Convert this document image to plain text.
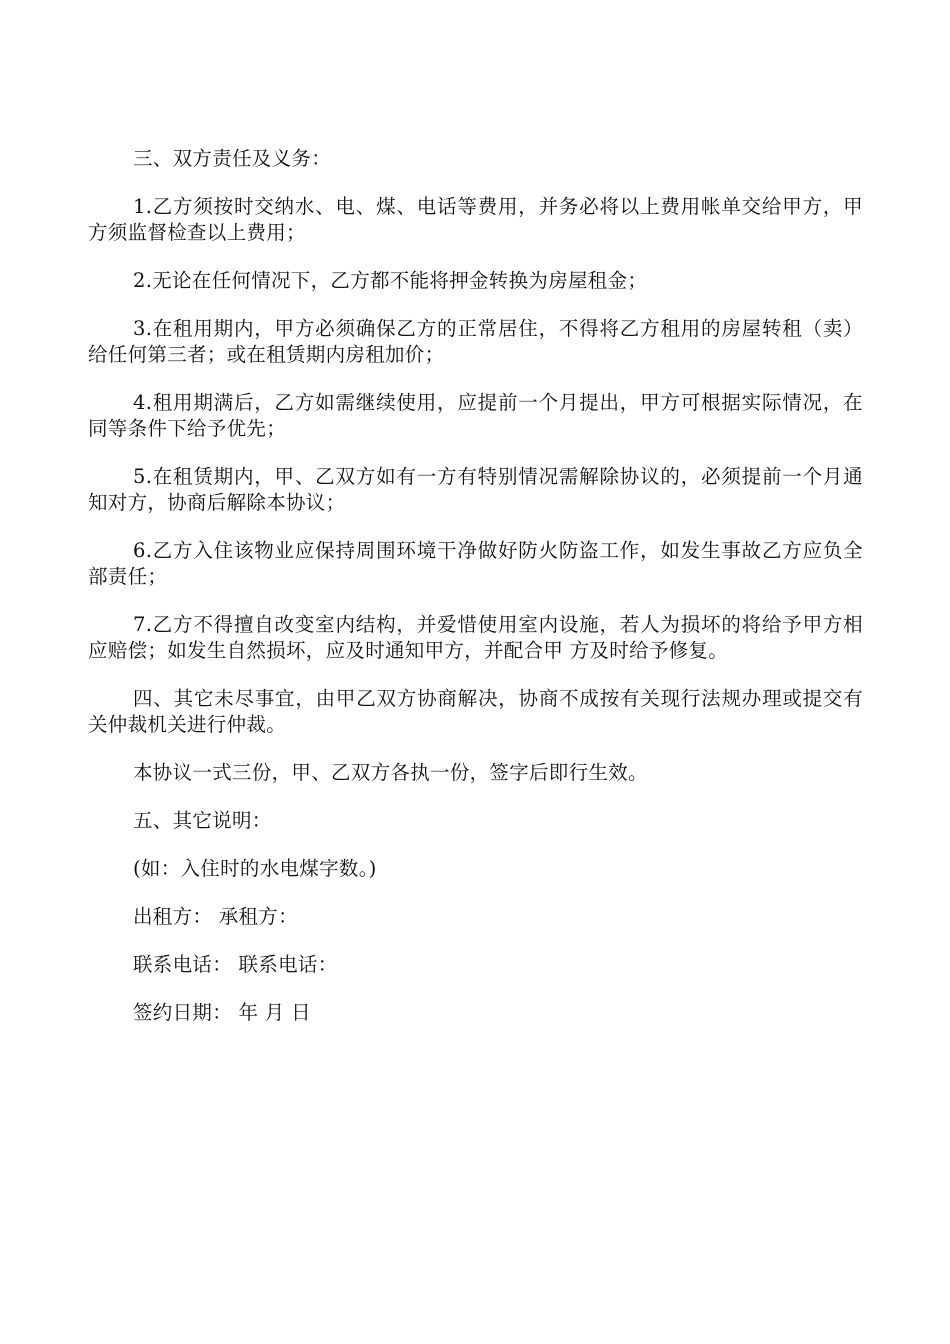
三、双方责任及义务：

1.乙方须按时交纳水、电、煤、电话等费用，并务必将以上费用帐单交给甲方，甲方须监督检查以上费用；

2.无论在任何情况下，乙方都不能将押金转换为房屋租金；

3.在租用期内，甲方必须确保乙方的正常居住，不得将乙方租用的房屋转租（卖）给任何第三者；或在租赁期内房租加价；

4.租用期满后，乙方如需继续使用，应提前一个月提出，甲方可根据实际情况，在同等条件下给予优先；

5.在租赁期内，甲、乙双方如有一方有特别情况需解除协议的，必须提前一个月通知对方，协商后解除本协议；

6.乙方入住该物业应保持周围环境干净做好防火防盗工作，如发生事故乙方应负全部责任；

7.乙方不得擅自改变室内结构，并爱惜使用室内设施，若人为损坏的将给予甲方相应赔偿；如发生自然损坏，应及时通知甲方，并配合甲 方及时给予修复。

四、其它未尽事宜，由甲乙双方协商解决，协商不成按有关现行法规办理或提交有关仲裁机关进行仲裁。

本协议一式三份，甲、乙双方各执一份，签字后即行生效。

五、其它说明：

(如：入住时的水电煤字数。)

出租方： 承租方：

联系电话： 联系电话：

签约日期： 年 月 日
